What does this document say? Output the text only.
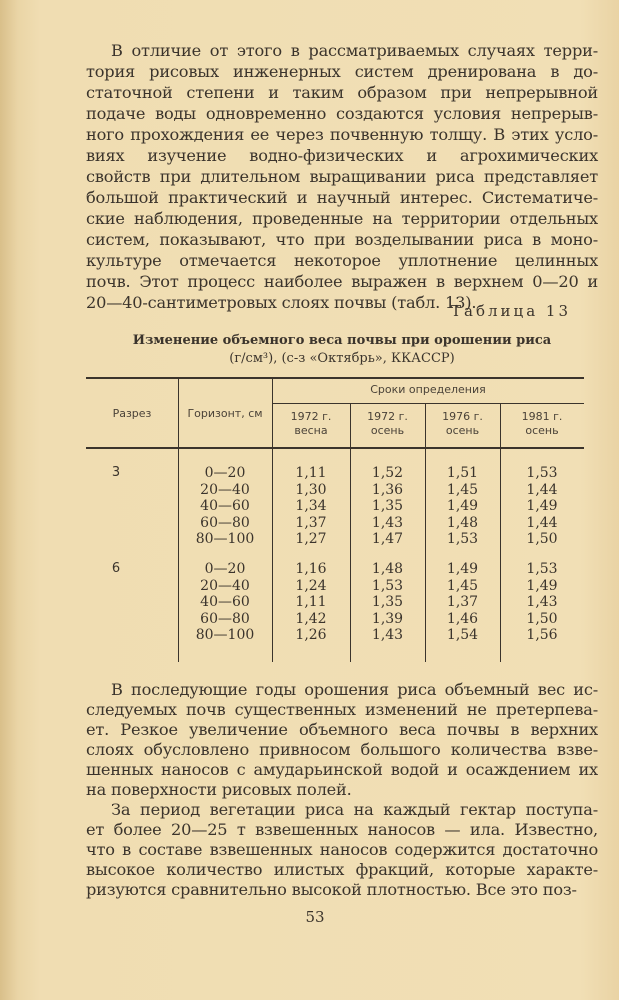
В отличие от этого в рассматриваемых случаях терри-
тория рисовых инженерных систем дренирована в до-
статочной степени и таким образом при непрерывной
подаче воды одновременно создаются условия непрерыв-
ного прохождения ее через почвенную толщу. В этих усло-
виях изучение водно-физических и агрохимических
свойств при длительном выращивании риса представляет
большой практический и научный интерес. Систематиче-
ские наблюдения, проведенные на территории отдельных
систем, показывают, что при возделывании риса в моно-
культуре отмечается некоторое уплотнение целинных
почв. Этот процесс наиболее выражен в верхнем 0—20 и
20—40-сантиметровых слоях почвы (табл. 13).
Таблица 13
Изменение объемного веса почвы при орошении риса
(г/см³), (с-з «Октябрь», ККАССР)
Разрез	Горизонт, см
Сроки определения
1972 г.
весна
1972 г.
осень
1976 г.
осень
1981 г.
осень
3	0—20	1,11	1,52	1,51	1,53
20—40	1,30	1,36	1,45	1,44
40—60	1,34	1,35	1,49	1,49
60—80	1,37	1,43	1,48	1,44
80—100	1,27	1,47	1,53	1,50
6	0—20	1,16	1,48	1,49	1,53
20—40	1,24	1,53	1,45	1,49
40—60	1,11	1,35	1,37	1,43
60—80	1,42	1,39	1,46	1,50
80—100	1,26	1,43	1,54	1,56
В последующие годы орошения риса объемный вес ис-
следуемых почв существенных изменений не претерпева-
ет. Резкое увеличение объемного веса почвы в верхних
слоях обусловлено привносом большого количества взве-
шенных наносов с амударьинской водой и осаждением их
на поверхности рисовых полей.
За период вегетации риса на каждый гектар поступа-
ет более 20—25 т взвешенных наносов — ила. Известно,
что в составе взвешенных наносов содержится достаточно
высокое количество илистых фракций, которые характе-
ризуются сравнительно высокой плотностью. Все это поз-
53
